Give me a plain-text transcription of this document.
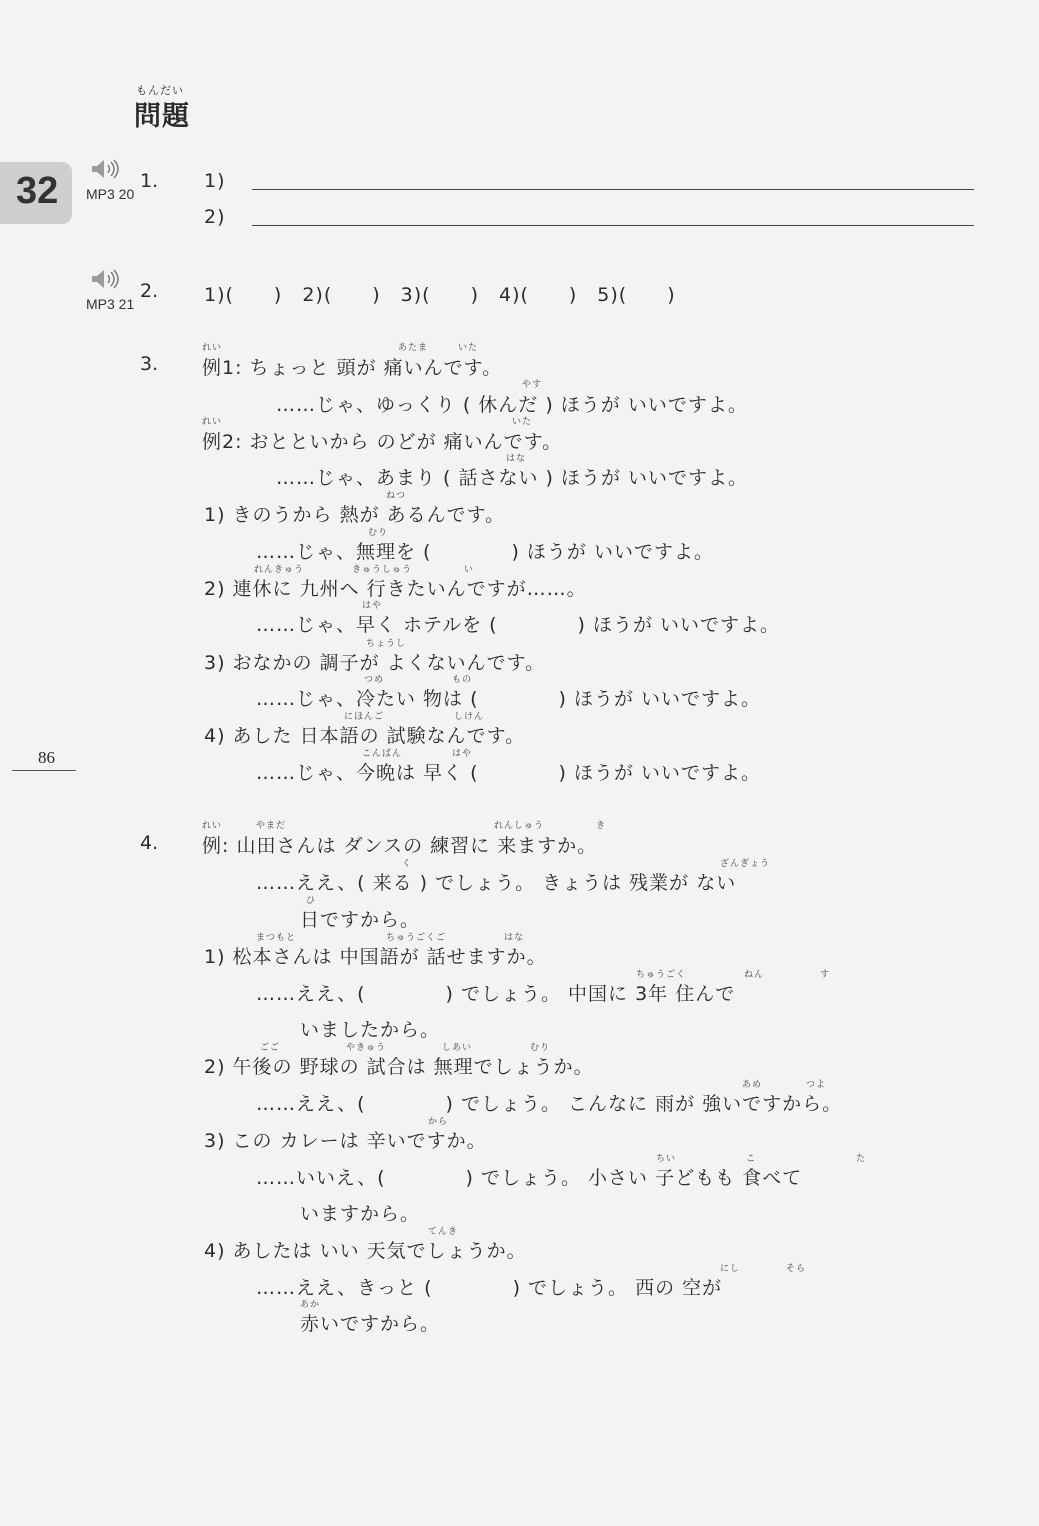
もんだい
問題
32 MP3 20
1. 1)
2)
MP3 21
2. 1)(　　)　2)(　　)　3)(　　)　4)(　　)　5)(　　)
3.
れい	あたま	いた
例1: ちょっと 頭が 痛いんです。
やす
……じゃ、ゆっくり ( 休んだ ) ほうが いいですよ。
れい	いた
例2: おとといから のどが 痛いんです。
はな
……じゃ、あまり ( 話さない ) ほうが いいですよ。
ねつ
1) きのうから 熱が あるんです。
むり
……じゃ、無理を (　　　　) ほうが いいですよ。
れんきゅう	きゅうしゅう	い
2) 連休に 九州へ 行きたいんですが……。
はや
……じゃ、早く ホテルを (　　　　) ほうが いいですよ。
ちょうし
3) おなかの 調子が よくないんです。
つめ	もの
……じゃ、冷たい 物は (　　　　) ほうが いいですよ。
にほんご	しけん
4) あした 日本語の 試験なんです。
こんばん	はや
……じゃ、今晩は 早く (　　　　) ほうが いいですよ。
86
4.
れい	やまだ	れんしゅう	き
例: 山田さんは ダンスの 練習に 来ますか。
く	ざんぎょう
……ええ、( 来る ) でしょう。 きょうは 残業が ない
ひ
日ですから。
まつもと	ちゅうごくご	はな
1) 松本さんは 中国語が 話せますか。
ちゅうごく	ねん	す
……ええ、(　　　　) でしょう。 中国に 3年 住んで
いましたから。
ごご	やきゅう	しあい	むり
2) 午後の 野球の 試合は 無理でしょうか。
あめ	つよ
……ええ、(　　　　) でしょう。 こんなに 雨が 強いですから。
から
3) この カレーは 辛いですか。
ちい	こ	た
……いいえ、(　　　　) でしょう。 小さい 子どもも 食べて
いますから。
てんき
4) あしたは いい 天気でしょうか。
にし	そら
……ええ、きっと (　　　　) でしょう。 西の 空が
あか
赤いですから。
